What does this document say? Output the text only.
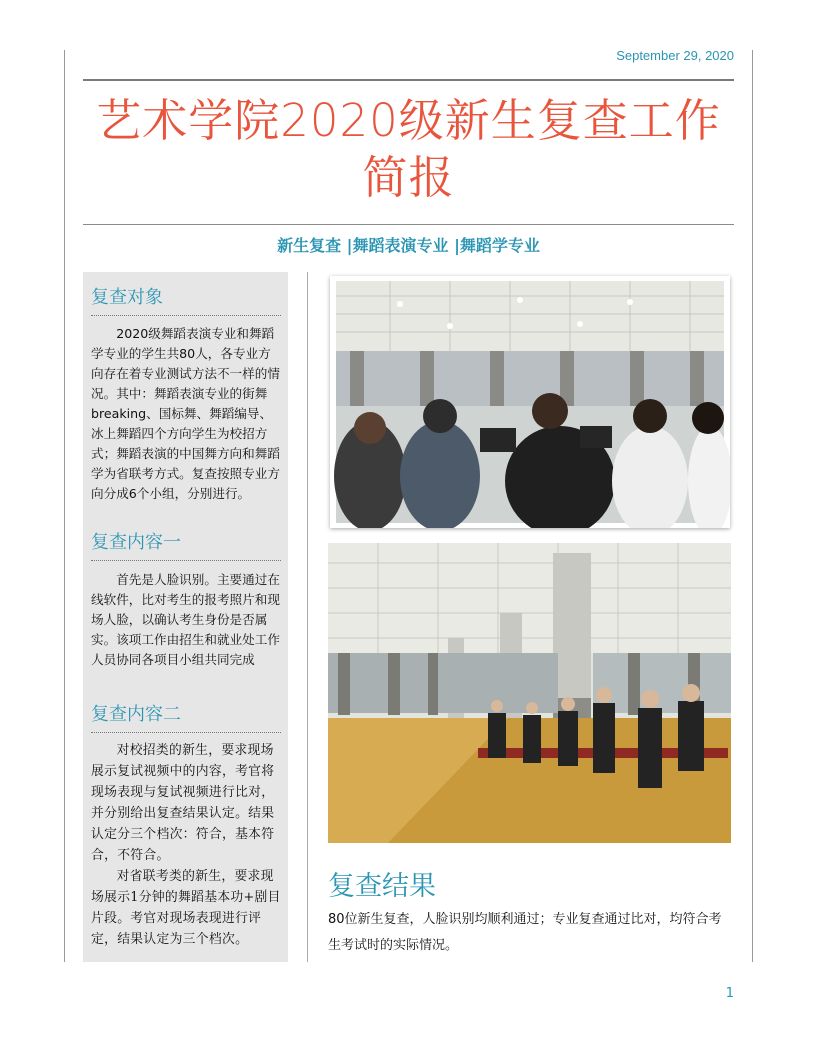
September 29, 2020
艺术学院2020级新生复查工作
简报
新生复查 |舞蹈表演专业 |舞蹈学专业
复查对象

2020级舞蹈表演专业和舞蹈学专业的学生共80人，各专业方向存在着专业测试方法不一样的情况。其中：舞蹈表演专业的街舞breaking、国标舞、舞蹈编导、冰上舞蹈四个方向学生为校招方式；舞蹈表演的中国舞方向和舞蹈学为省联考方式。复查按照专业方向分成6个小组，分别进行。

复查内容一

首先是人脸识别。主要通过在线软件，比对考生的报考照片和现场人脸，以确认考生身份是否属实。该项工作由招生和就业处工作人员协同各项目小组共同完成

复查内容二

对校招类的新生，要求现场展示复试视频中的内容，考官将现场表现与复试视频进行比对，并分别给出复查结果认定。结果认定分三个档次：符合，基本符合，不符合。

对省联考类的新生，要求现场展示1分钟的舞蹈基本功+剧目片段。考官对现场表现进行评定，结果认定为三个档次。

复查结果
80位新生复查，人脸识别均顺利通过；专业复查通过比对，均符合考生考试时的实际情况。
1
